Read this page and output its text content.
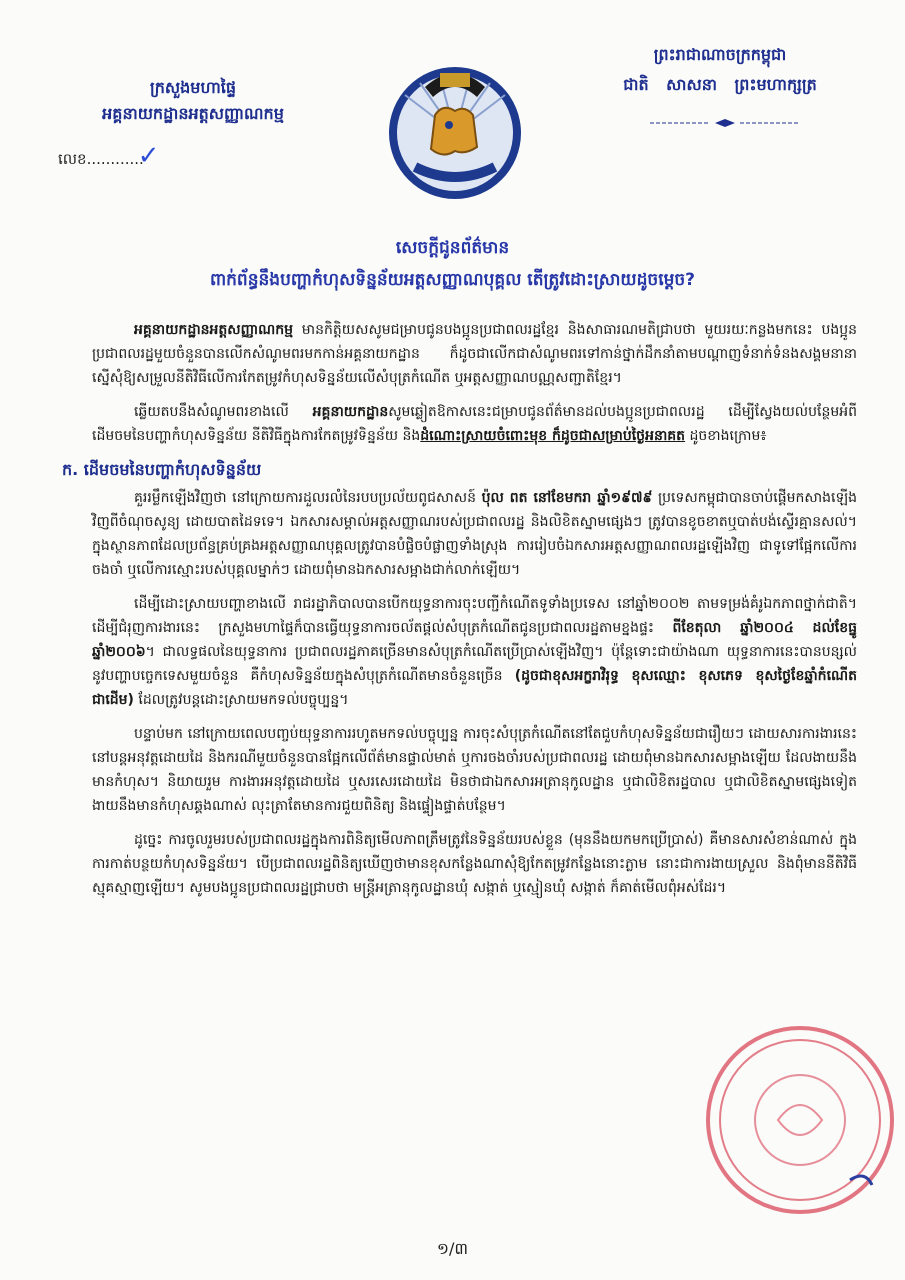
ក្រសួងមហាផ្ទៃ
អគ្គនាយកដ្ឋានអត្តសញ្ញាណកម្ម
លេខ............✓
ព្រះរាជាណាចក្រកម្ពុជា
ជាតិ សាសនា ព្រះមហាក្សត្រ
សេចក្តីជូនព័ត៌មាន
ពាក់ព័ន្ធនឹងបញ្ហាកំហុសទិន្នន័យអត្តសញ្ញាណបុគ្គល តើត្រូវដោះស្រាយដូចម្តេច?

អគ្គនាយកដ្ឋានអត្តសញ្ញាណកម្ម មានកិត្តិយសសូមជម្រាបជូនបងប្អូនប្រជាពលរដ្ឋខ្មែរ និងសាធារណមតិជ្រាបថា មួយរយៈកន្លងមកនេះ បងប្អូនប្រជាពលរដ្ឋមួយចំនួនបានលើកសំណូមពរមកកាន់អគ្គនាយកដ្ឋាន ក៏ដូចជាលើកជាសំណូមពរទៅកាន់ថ្នាក់ដឹកនាំតាមបណ្តាញទំនាក់ទំនងសង្គមនានា ស្នើសុំឱ្យសម្រួលនីតិវិធីលើការកែតម្រូវកំហុសទិន្នន័យលើសំបុត្រកំណើត ឬអត្តសញ្ញាណបណ្ណសញ្ជាតិខ្មែរ។

ឆ្លើយតបនឹងសំណូមពរខាងលើ អគ្គនាយកដ្ឋានសូមឆ្លៀតឱកាសនេះជម្រាបជូនព័ត៌មានដល់បងប្អូនប្រជាពលរដ្ឋ ដើម្បីស្វែងយល់បន្ថែមអំពីដើមចមនៃបញ្ហាកំហុសទិន្នន័យ នីតិវិធីក្នុងការកែតម្រូវទិន្នន័យ និងដំណោះស្រាយចំពោះមុខ ក៏ដូចជាសម្រាប់ថ្ងៃអនាគត ដូចខាងក្រោម៖

ក. ដើមចមនៃបញ្ហាកំហុសទិន្នន័យ

គួររម្លឹកឡើងវិញថា នៅក្រោយការដួលរលំនៃរបបប្រល័យពូជសាសន៍ ប៉ុល ពត នៅខែមករា ឆ្នាំ១៩៧៩ ប្រទេសកម្ពុជាបានចាប់ផ្តើមកសាងឡើងវិញពីចំណុចសូន្យ ដោយបាតដៃទទេ។ ឯកសារសម្គាល់អត្តសញ្ញាណរបស់ប្រជាពលរដ្ឋ និងលិខិតស្នាមផ្សេងៗ ត្រូវបានខូចខាតឬបាត់បង់ស្ទើរគ្មានសល់។ ក្នុងស្ថានភាពដែលប្រព័ន្ធគ្រប់គ្រងអត្តសញ្ញាណបុគ្គលត្រូវបានបំផ្លិចបំផ្លាញទាំងស្រុង ការរៀបចំឯកសារអត្តសញ្ញាណពលរដ្ឋឡើងវិញ ជាទូទៅផ្អែកលើការចងចាំ ឬលើការស្មោះរបស់បុគ្គលម្នាក់ៗ ដោយពុំមានឯកសារសម្អាងជាក់លាក់ឡើយ។

ដើម្បីដោះស្រាយបញ្ហាខាងលើ រាជរដ្ឋាភិបាលបានបើកយុទ្ធនាការចុះបញ្ជីកំណើតទូទាំងប្រទេស នៅឆ្នាំ២០០២ តាមទម្រង់គំរូឯកភាពថ្នាក់ជាតិ។ ដើម្បីជំរុញការងារនេះ ក្រសួងមហាផ្ទៃក៏បានធ្វើយុទ្ធនាការចល័តផ្តល់សំបុត្រកំណើតជូនប្រជាពលរដ្ឋតាមខ្នងផ្ទះ ពីខែតុលា ឆ្នាំ២០០៤ ដល់ខែធ្នូ ឆ្នាំ២០០៦។ ជាលទ្ធផលនៃយុទ្ធនាការ ប្រជាពលរដ្ឋភាគច្រើនមានសំបុត្រកំណើតប្រើប្រាស់ឡើងវិញ។ ប៉ុន្តែទោះជាយ៉ាងណា យុទ្ធនាការនេះបានបន្សល់នូវបញ្ហាបច្ចេកទេសមួយចំនួន គឺកំហុសទិន្នន័យក្នុងសំបុត្រកំណើតមានចំនួនច្រើន (ដូចជាខុសអក្ខរាវិរុទ្ធ ខុសឈ្មោះ ខុសភេទ ខុសថ្ងៃខែឆ្នាំកំណើតជាដើម) ដែលត្រូវបន្តដោះស្រាយមកទល់បច្ចុប្បន្ន។

បន្ទាប់មក នៅក្រោយពេលបញ្ចប់យុទ្ធនាការរហូតមកទល់បច្ចុប្បន្ន ការចុះសំបុត្រកំណើតនៅតែជួបកំហុសទិន្នន័យជារឿយៗ ដោយសារការងារនេះនៅបន្តអនុវត្តដោយដៃ និងករណីមួយចំនួនបានផ្អែកលើព័ត៌មានផ្ទាល់មាត់ ឬការចងចាំរបស់ប្រជាពលរដ្ឋ ដោយពុំមានឯកសារសម្អាងឡើយ ដែលងាយនឹងមានកំហុស។ និយាយរួម ការងារអនុវត្តដោយដៃ ឬសរសេរដោយដៃ មិនថាជាឯកសារអត្រានុកូលដ្ឋាន ឬជាលិខិតរដ្ឋបាល ឬជាលិខិតស្នាមផ្សេងទៀត ងាយនឹងមានកំហុសឆ្គងណាស់ លុះត្រាតែមានការជួយពិនិត្យ និងផ្ទៀងផ្ទាត់បន្ថែម។

ដូច្នេះ ការចូលរួមរបស់ប្រជាពលរដ្ឋក្នុងការពិនិត្យមើលភាពត្រឹមត្រូវនៃទិន្នន័យរបស់ខ្លួន (មុននឹងយកមកប្រើប្រាស់) គឺមានសារសំខាន់ណាស់ ក្នុងការកាត់បន្ថយកំហុសទិន្នន័យ។ បើប្រជាពលរដ្ឋពិនិត្យឃើញថាមានខុសកន្លែងណាសុំឱ្យកែតម្រូវកន្លែងនោះភ្លាម នោះជាការងាយស្រួល និងពុំមាននីតិវិធីស្មុគស្មាញឡើយ។ សូមបងប្អូនប្រជាពលរដ្ឋជ្រាបថា មន្ត្រីអត្រានុកូលដ្ឋានឃុំ សង្កាត់ ឬស្មៀនឃុំ សង្កាត់ ក៏គាត់មើលពុំអស់ដែរ។

១/៣
